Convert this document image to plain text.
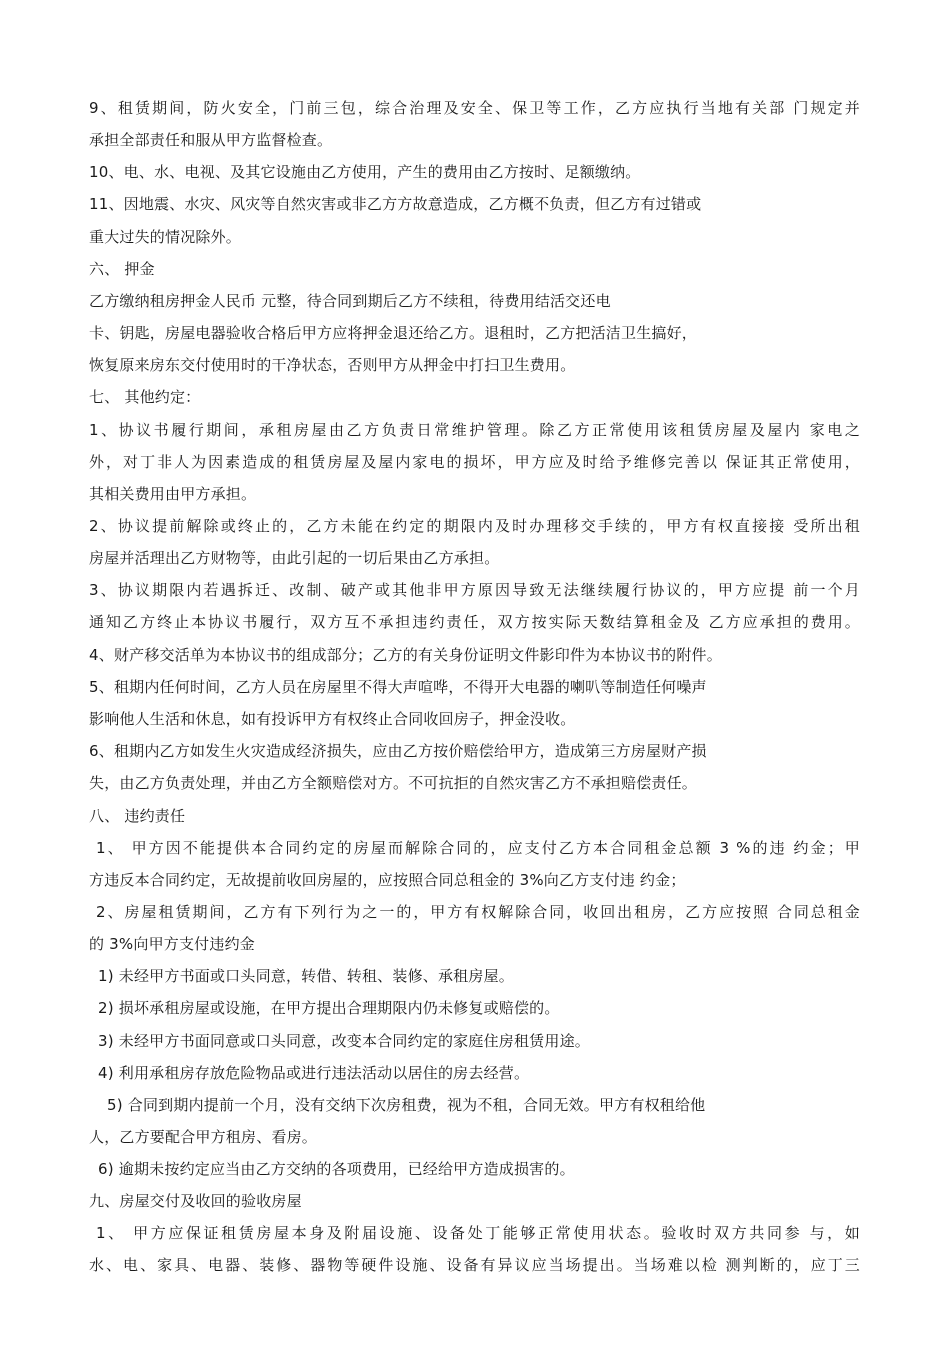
9、租赁期间，防火安全，门前三包，综合治理及安全、保卫等工作，乙方应执行当地有关部 门规定并
承担全部责任和服从甲方监督检查。
10、电、水、电视、及其它设施由乙方使用，产生的费用由乙方按时、足额缴纳。
11、因地震、水灾、风灾等自然灾害或非乙方方故意造成，乙方概不负责，但乙方有过错或
重大过失的情况除外。
六、 押金
乙方缴纳租房押金人民币 元整，待合同到期后乙方不续租，待费用结活交还电
卡、钥匙，房屋电器验收合格后甲方应将押金退还给乙方。退租时，乙方把活洁卫生搞好，
恢复原来房东交付使用时的干净状态，否则甲方从押金中打扫卫生费用。
七、 其他约定：
1、协议书履行期间，承租房屋由乙方负责日常维护管理。除乙方正常使用该租赁房屋及屋内 家电之
外，对丁非人为因素造成的租赁房屋及屋内家电的损坏，甲方应及时给予维修完善以 保证其正常使用，
其相关费用由甲方承担。
2、协议提前解除或终止的，乙方未能在约定的期限内及时办理移交手续的，甲方有权直接接 受所出租
房屋并活理出乙方财物等，由此引起的一切后果由乙方承担。
3、协议期限内若遇拆迁、改制、破产或其他非甲方原因导致无法继续履行协议的，甲方应提 前一个月
通知乙方终止本协议书履行，双方互不承担违约责任，双方按实际天数结算租金及 乙方应承担的费用。
4、财产移交活单为本协议书的组成部分；乙方的有关身份证明文件影印件为本协议书的附件。
5、租期内任何时间，乙方人员在房屋里不得大声喧哗，不得开大电器的喇叭等制造任何噪声
影响他人生活和休息，如有投诉甲方有权终止合同收回房子，押金没收。
6、租期内乙方如发生火灾造成经济损失，应由乙方按价赔偿给甲方，造成第三方房屋财产损
失，由乙方负责处理，并由乙方全额赔偿对方。不可抗拒的自然灾害乙方不承担赔偿责任。
八、 违约责任
1、 甲方因不能提供本合同约定的房屋而解除合同的，应支付乙方本合同租金总额 3 %的违 约金；甲
方违反本合同约定，无故提前收回房屋的，应按照合同总租金的 3%向乙方支付违 约金；
2、房屋租赁期间，乙方有下列行为之一的，甲方有权解除合同，收回出租房，乙方应按照 合同总租金
的 3%向甲方支付违约金
1) 未经甲方书面或口头同意，转借、转租、装修、承租房屋。
2) 损坏承租房屋或设施，在甲方提出合理期限内仍未修复或赔偿的。
3) 未经甲方书面同意或口头同意，改变本合同约定的家庭住房租赁用途。
4) 利用承租房存放危险物品或进行违法活动以居住的房去经营。
5) 合同到期内提前一个月，没有交纳下次房租费，视为不租，合同无效。甲方有权租给他
人，乙方要配合甲方租房、看房。
6) 逾期未按约定应当由乙方交纳的各项费用，已经给甲方造成损害的。
九、房屋交付及收回的验收房屋
1、 甲方应保证租赁房屋本身及附届设施、设备处丁能够正常使用状态。验收时双方共同参 与，如
水、电、家具、电器、装修、器物等硬件设施、设备有异议应当场提出。当场难以检 测判断的，应丁三
